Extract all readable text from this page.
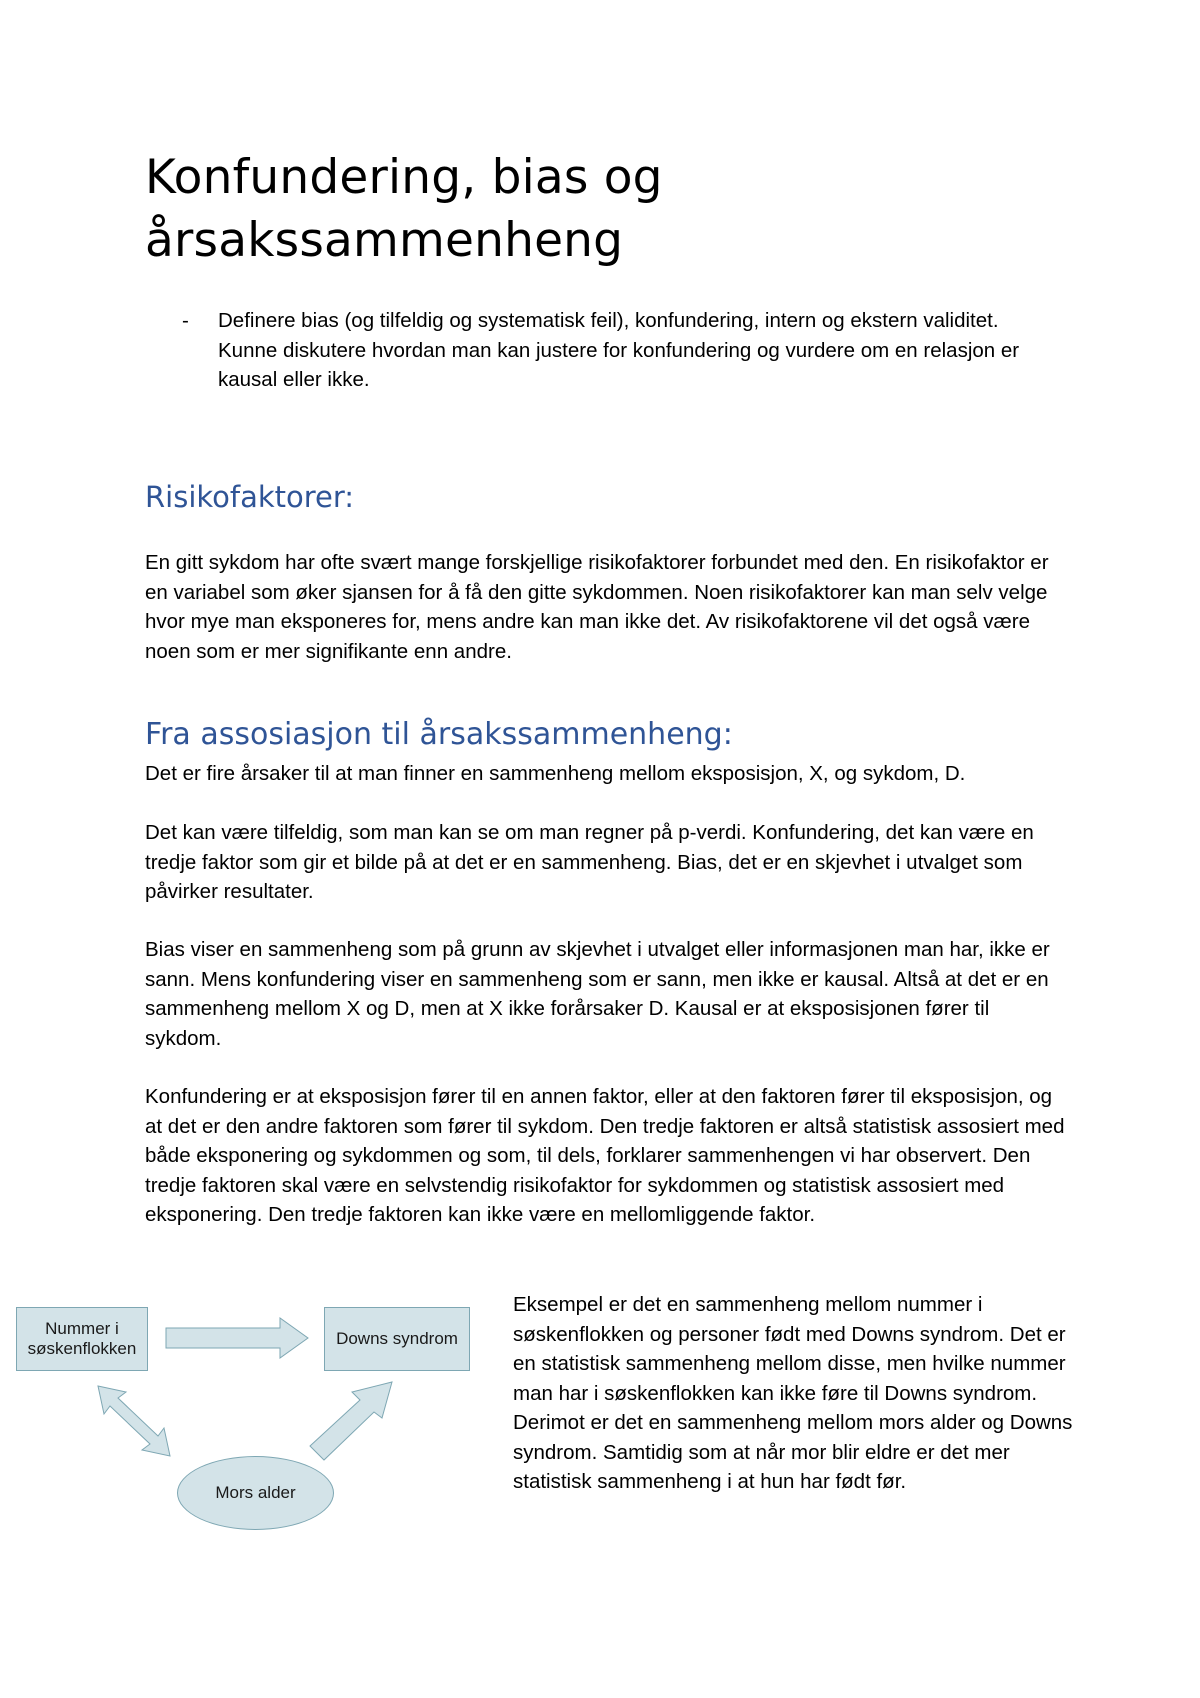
Konfundering, bias og
årsakssammenheng
- Definere bias (og tilfeldig og systematisk feil), konfundering, intern og ekstern validitet. Kunne diskutere hvordan man kan justere for konfundering og vurdere om en relasjon er kausal eller ikke.

Risikofaktorer:

En gitt sykdom har ofte svært mange forskjellige risikofaktorer forbundet med den. En risikofaktor er en variabel som øker sjansen for å få den gitte sykdommen. Noen risikofaktorer kan man selv velge hvor mye man eksponeres for, mens andre kan man ikke det. Av risikofaktorene vil det også være noen som er mer signifikante enn andre.

Fra assosiasjon til årsakssammenheng:

Det er fire årsaker til at man finner en sammenheng mellom eksposisjon, X, og sykdom, D.

Det kan være tilfeldig, som man kan se om man regner på p-verdi. Konfundering, det kan være en tredje faktor som gir et bilde på at det er en sammenheng. Bias, det er en skjevhet i utvalget som påvirker resultater.

Bias viser en sammenheng som på grunn av skjevhet i utvalget eller informasjonen man har, ikke er sann. Mens konfundering viser en sammenheng som er sann, men ikke er kausal. Altså at det er en sammenheng mellom X og D, men at X ikke forårsaker D. Kausal er at eksposisjonen fører til sykdom.

Konfundering er at eksposisjon fører til en annen faktor, eller at den faktoren fører til eksposisjon, og at det er den andre faktoren som fører til sykdom. Den tredje faktoren er altså statistisk assosiert med både eksponering og sykdommen og som, til dels, forklarer sammenhengen vi har observert. Den tredje faktoren skal være en selvstendig risikofaktor for sykdommen og statistisk assosiert med eksponering. Den tredje faktoren kan ikke være en mellomliggende faktor.

Nummer i
søskenflokken
Downs syndrom
Mors alder

Eksempel er det en sammenheng mellom nummer i søskenflokken og personer født med Downs syndrom. Det er en statistisk sammenheng mellom disse, men hvilke nummer man har i søskenflokken kan ikke føre til Downs syndrom. Derimot er det en sammenheng mellom mors alder og Downs syndrom. Samtidig som at når mor blir eldre er det mer statistisk sammenheng i at hun har født før.
